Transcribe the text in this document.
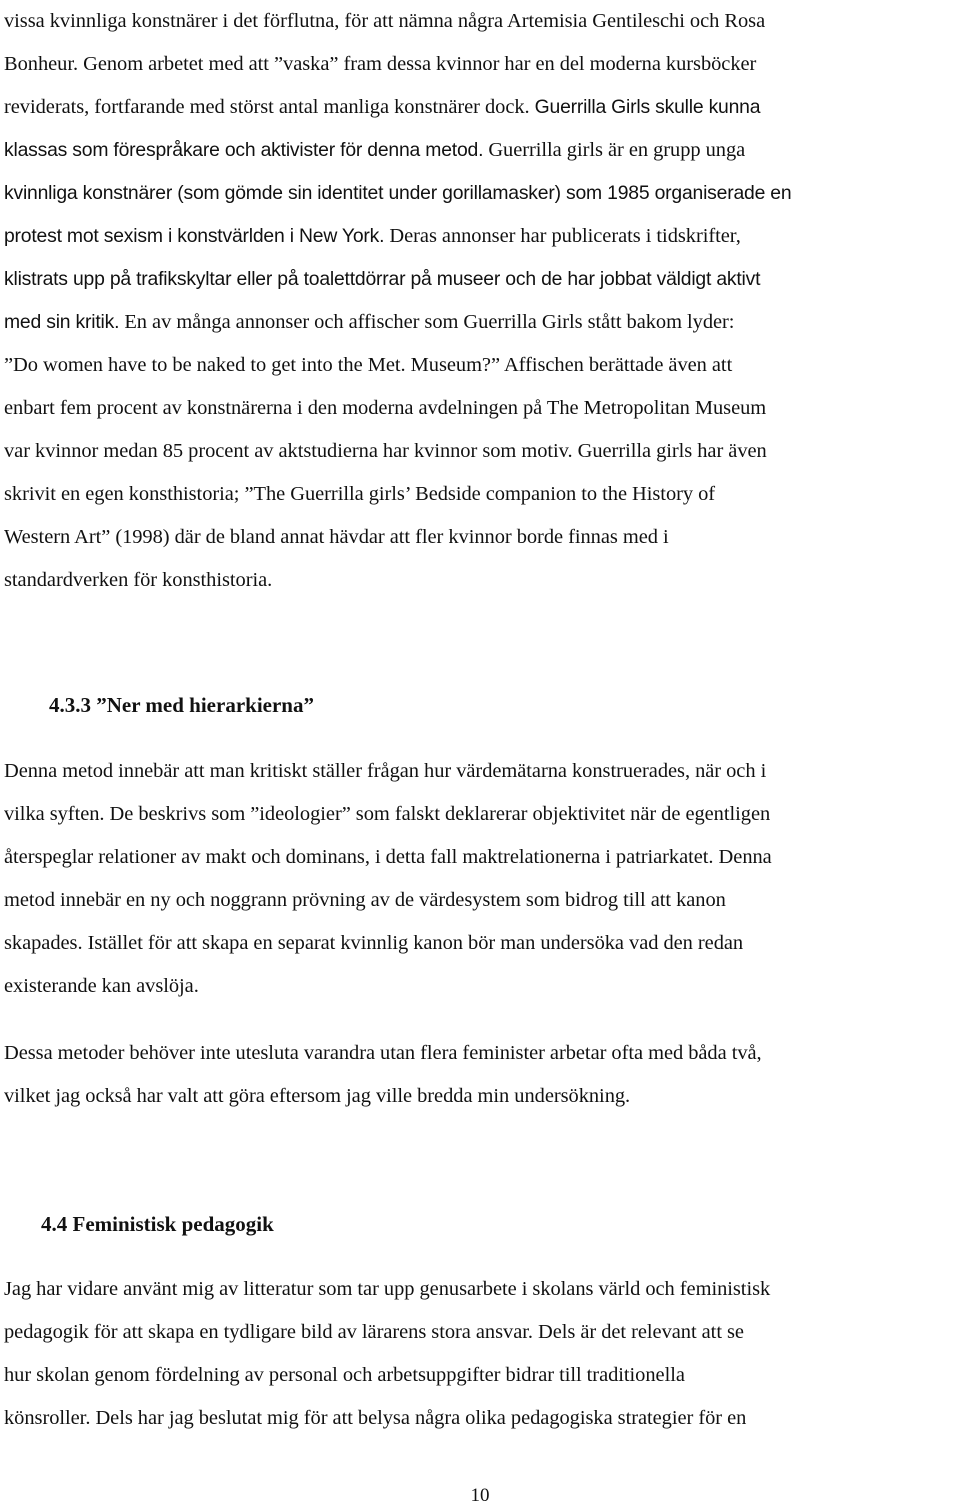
vissa kvinnliga konstnärer i det förflutna, för att nämna några Artemisia Gentileschi och Rosa
Bonheur. Genom arbetet med att ”vaska” fram dessa kvinnor har en del moderna kursböcker
reviderats, fortfarande med störst antal manliga konstnärer dock. Guerrilla Girls skulle kunna
klassas som förespråkare och aktivister för denna metod. Guerrilla girls är en grupp unga
kvinnliga konstnärer (som gömde sin identitet under gorillamasker) som 1985 organiserade en
protest mot sexism i konstvärlden i New York. Deras annonser har publicerats i tidskrifter,
klistrats upp på trafikskyltar eller på toalettdörrar på museer och de har jobbat väldigt aktivt
med sin kritik. En av många annonser och affischer som Guerrilla Girls stått bakom lyder:
”Do women have to be naked to get into the Met. Museum?” Affischen berättade även att
enbart fem procent av konstnärerna i den moderna avdelningen på The Metropolitan Museum
var kvinnor medan 85 procent av aktstudierna har kvinnor som motiv. Guerrilla girls har även
skrivit en egen konsthistoria; ”The Guerrilla girls’ Bedside companion to the History of
Western Art” (1998) där de bland annat hävdar att fler kvinnor borde finnas med i
standardverken för konsthistoria.
4.3.3 ”Ner med hierarkierna”
Denna metod innebär att man kritiskt ställer frågan hur värdemätarna konstruerades, när och i
vilka syften. De beskrivs som ”ideologier” som falskt deklarerar objektivitet när de egentligen
återspeglar relationer av makt och dominans, i detta fall maktrelationerna i patriarkatet. Denna
metod innebär en ny och noggrann prövning av de värdesystem som bidrog till att kanon
skapades. Istället för att skapa en separat kvinnlig kanon bör man undersöka vad den redan
existerande kan avslöja.
Dessa metoder behöver inte utesluta varandra utan flera feminister arbetar ofta med båda två,
vilket jag också har valt att göra eftersom jag ville bredda min undersökning.
4.4 Feministisk pedagogik
Jag har vidare använt mig av litteratur som tar upp genusarbete i skolans värld och feministisk
pedagogik för att skapa en tydligare bild av lärarens stora ansvar. Dels är det relevant att se
hur skolan genom fördelning av personal och arbetsuppgifter bidrar till traditionella
könsroller. Dels har jag beslutat mig för att belysa några olika pedagogiska strategier för en
10
